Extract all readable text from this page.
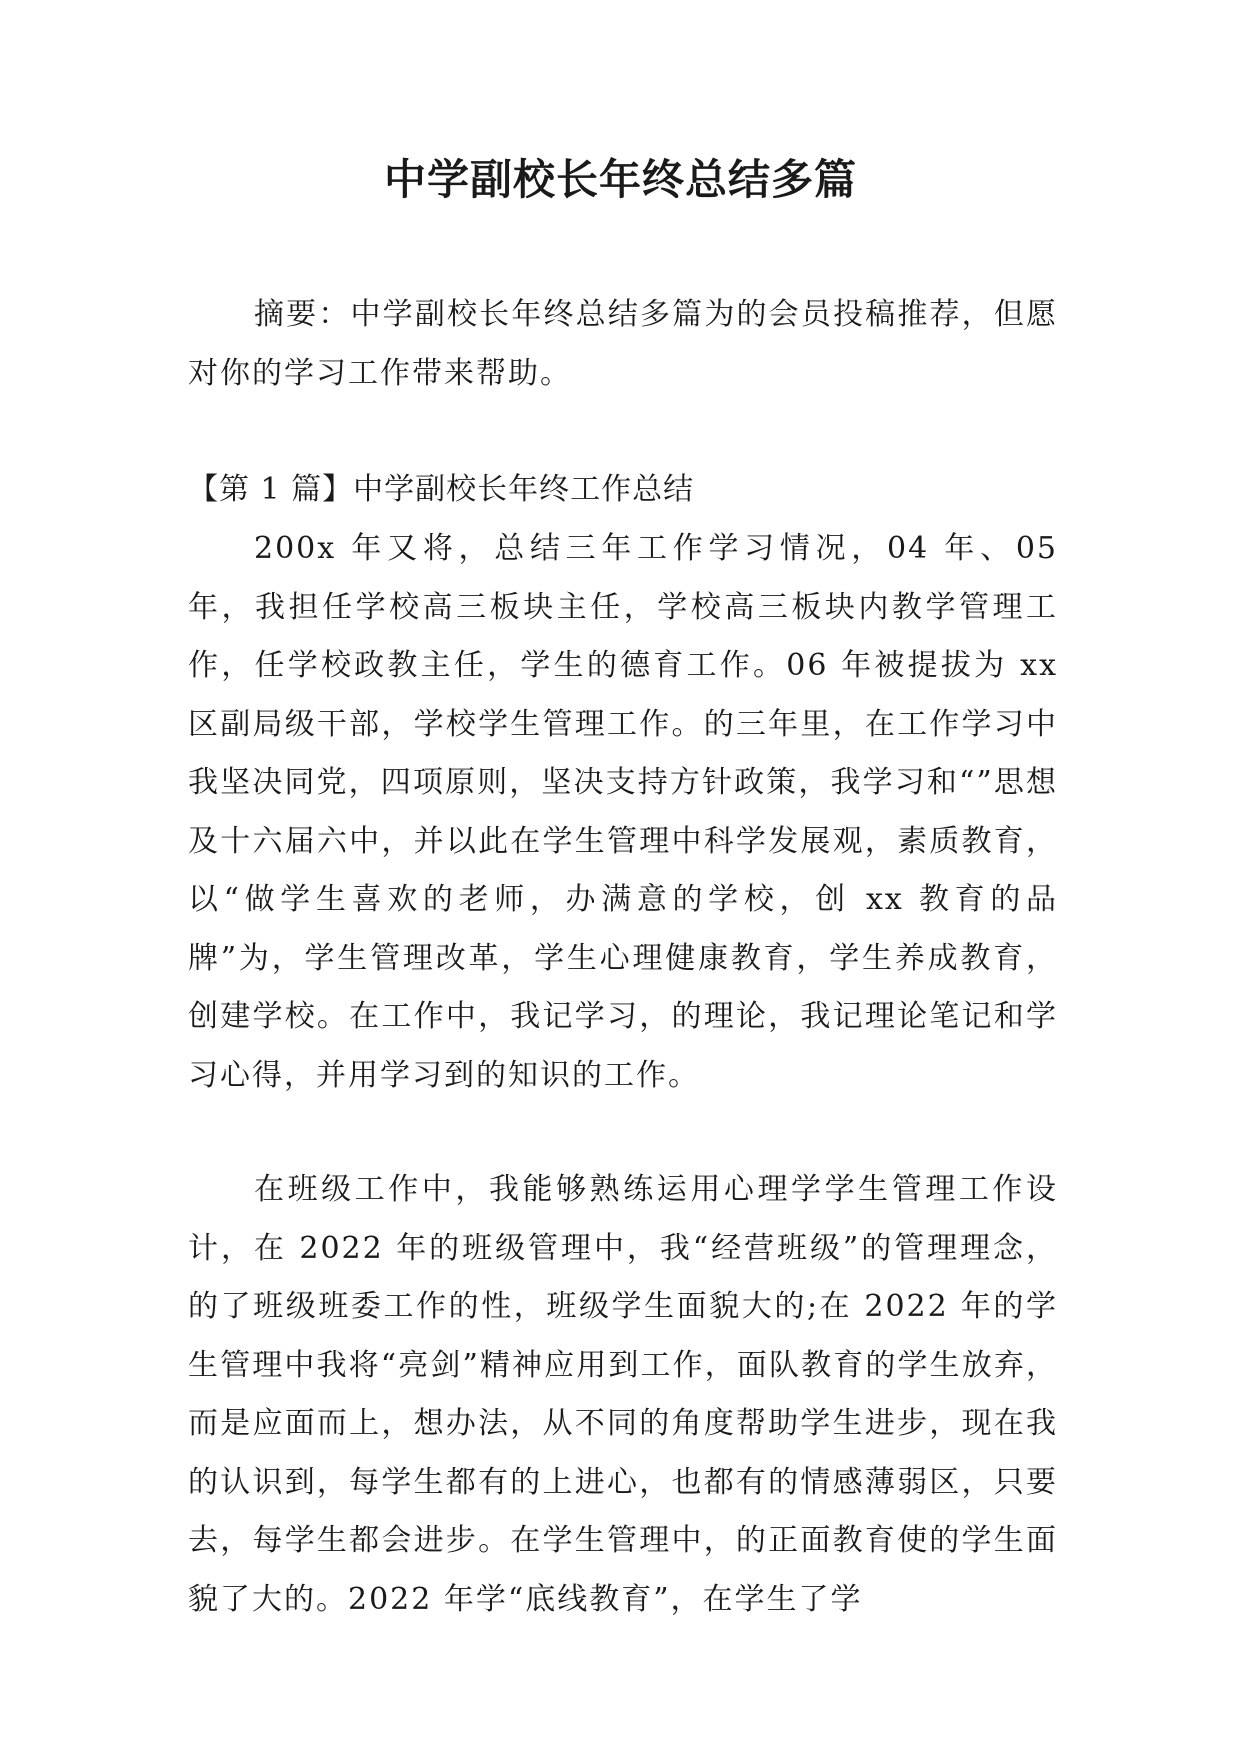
中学副校长年终总结多篇

摘要：中学副校长年终总结多篇为的会员投稿推荐，但愿对你的学习工作带来帮助。

【第 1 篇】中学副校长年终工作总结

200x 年又将，总结三年工作学习情况，04 年、05 年，我担任学校高三板块主任，学校高三板块内教学管理工作，任学校政教主任，学生的德育工作。06 年被提拔为 xx 区副局级干部，学校学生管理工作。的三年里，在工作学习中我坚决同党，四项原则，坚决支持方针政策，我学习和“”思想及十六届六中，并以此在学生管理中科学发展观，素质教育，以“做学生喜欢的老师，办满意的学校，创 xx 教育的品牌”为，学生管理改革，学生心理健康教育，学生养成教育，创建学校。在工作中，我记学习，的理论，我记理论笔记和学习心得，并用学习到的知识的工作。

在班级工作中，我能够熟练运用心理学学生管理工作设计，在 2022 年的班级管理中，我“经营班级”的管理理念，的了班级班委工作的性，班级学生面貌大的;在 2022 年的学生管理中我将“亮剑”精神应用到工作，面队教育的学生放弃，而是应面而上，想办法，从不同的角度帮助学生进步，现在我的认识到，每学生都有的上进心，也都有的情感薄弱区，只要去，每学生都会进步。在学生管理中，的正面教育使的学生面貌了大的。2022 年学“底线教育”，在学生了学
